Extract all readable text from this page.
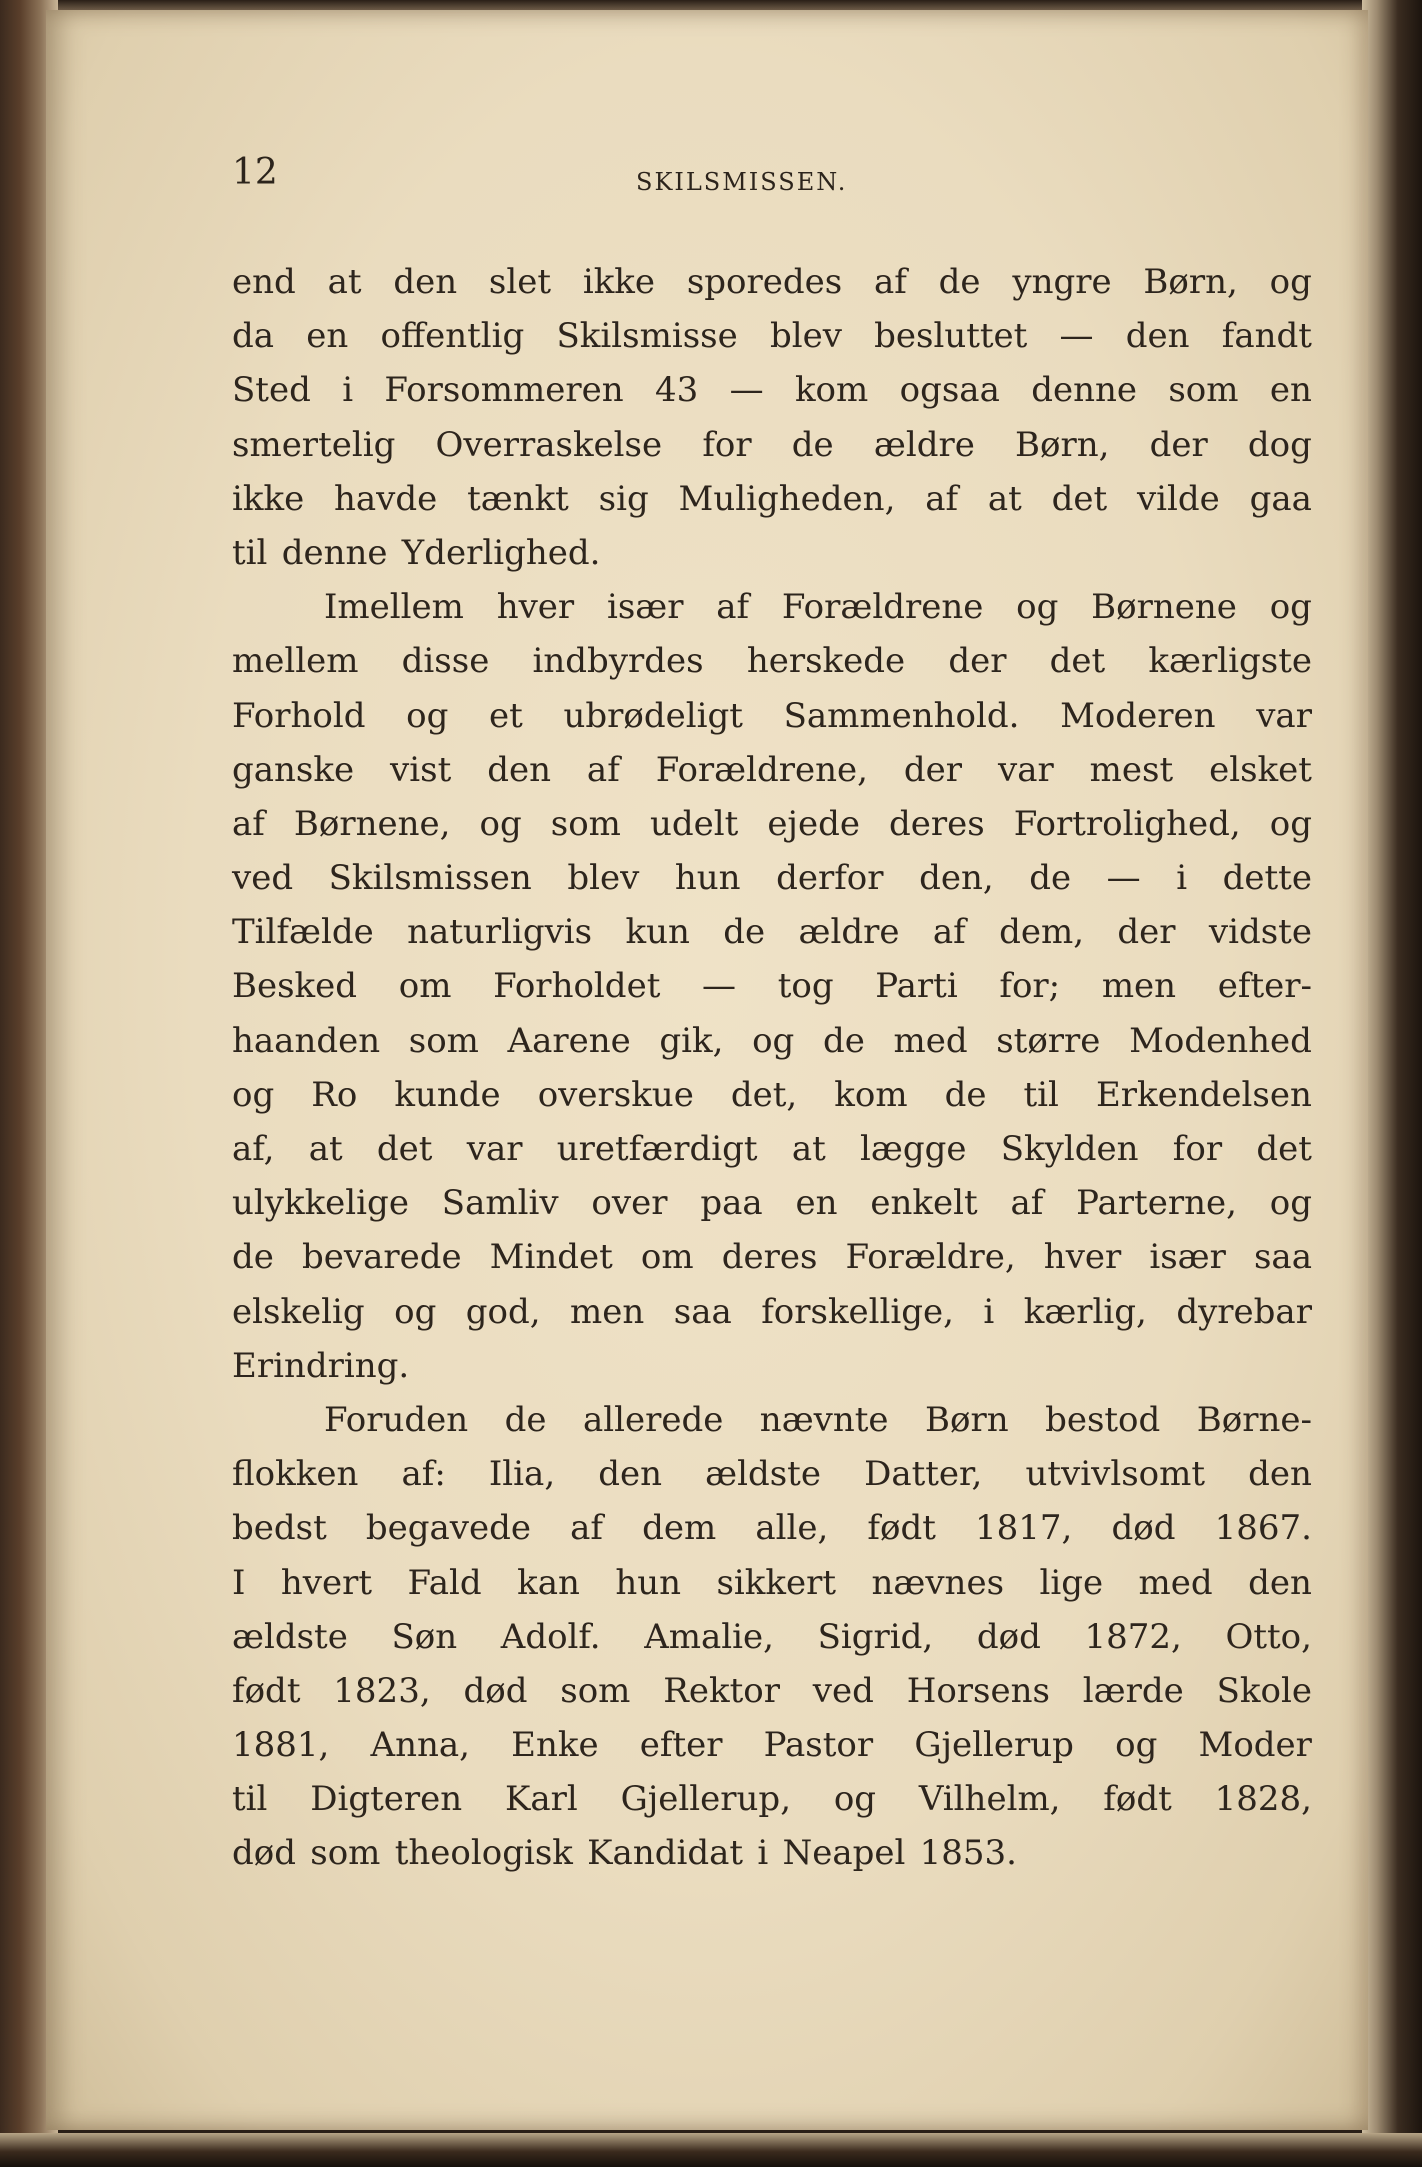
12	SKILSMISSEN.
end at den slet ikke sporedes af de yngre Børn, og
da en offentlig Skilsmisse blev besluttet — den fandt
Sted i Forsommeren 43 — kom ogsaa denne som en
smertelig Overraskelse for de ældre Børn, der dog
ikke havde tænkt sig Muligheden, af at det vilde gaa
til denne Yderlighed.
Imellem hver især af Forældrene og Børnene og
mellem disse indbyrdes herskede der det kærligste
Forhold og et ubrødeligt Sammenhold. Moderen var
ganske vist den af Forældrene, der var mest elsket
af Børnene, og som udelt ejede deres Fortrolighed, og
ved Skilsmissen blev hun derfor den, de — i dette
Tilfælde naturligvis kun de ældre af dem, der vidste
Besked om Forholdet — tog Parti for; men efter-
haanden som Aarene gik, og de med større Modenhed
og Ro kunde overskue det, kom de til Erkendelsen
af, at det var uretfærdigt at lægge Skylden for det
ulykkelige Samliv over paa en enkelt af Parterne, og
de bevarede Mindet om deres Forældre, hver især saa
elskelig og god, men saa forskellige, i kærlig, dyrebar
Erindring.
Foruden de allerede nævnte Børn bestod Børne-
flokken af: Ilia, den ældste Datter, utvivlsomt den
bedst begavede af dem alle, født 1817, død 1867.
I hvert Fald kan hun sikkert nævnes lige med den
ældste Søn Adolf. Amalie, Sigrid, død 1872, Otto,
født 1823, død som Rektor ved Horsens lærde Skole
1881, Anna, Enke efter Pastor Gjellerup og Moder
til Digteren Karl Gjellerup, og Vilhelm, født 1828,
død som theologisk Kandidat i Neapel 1853.
